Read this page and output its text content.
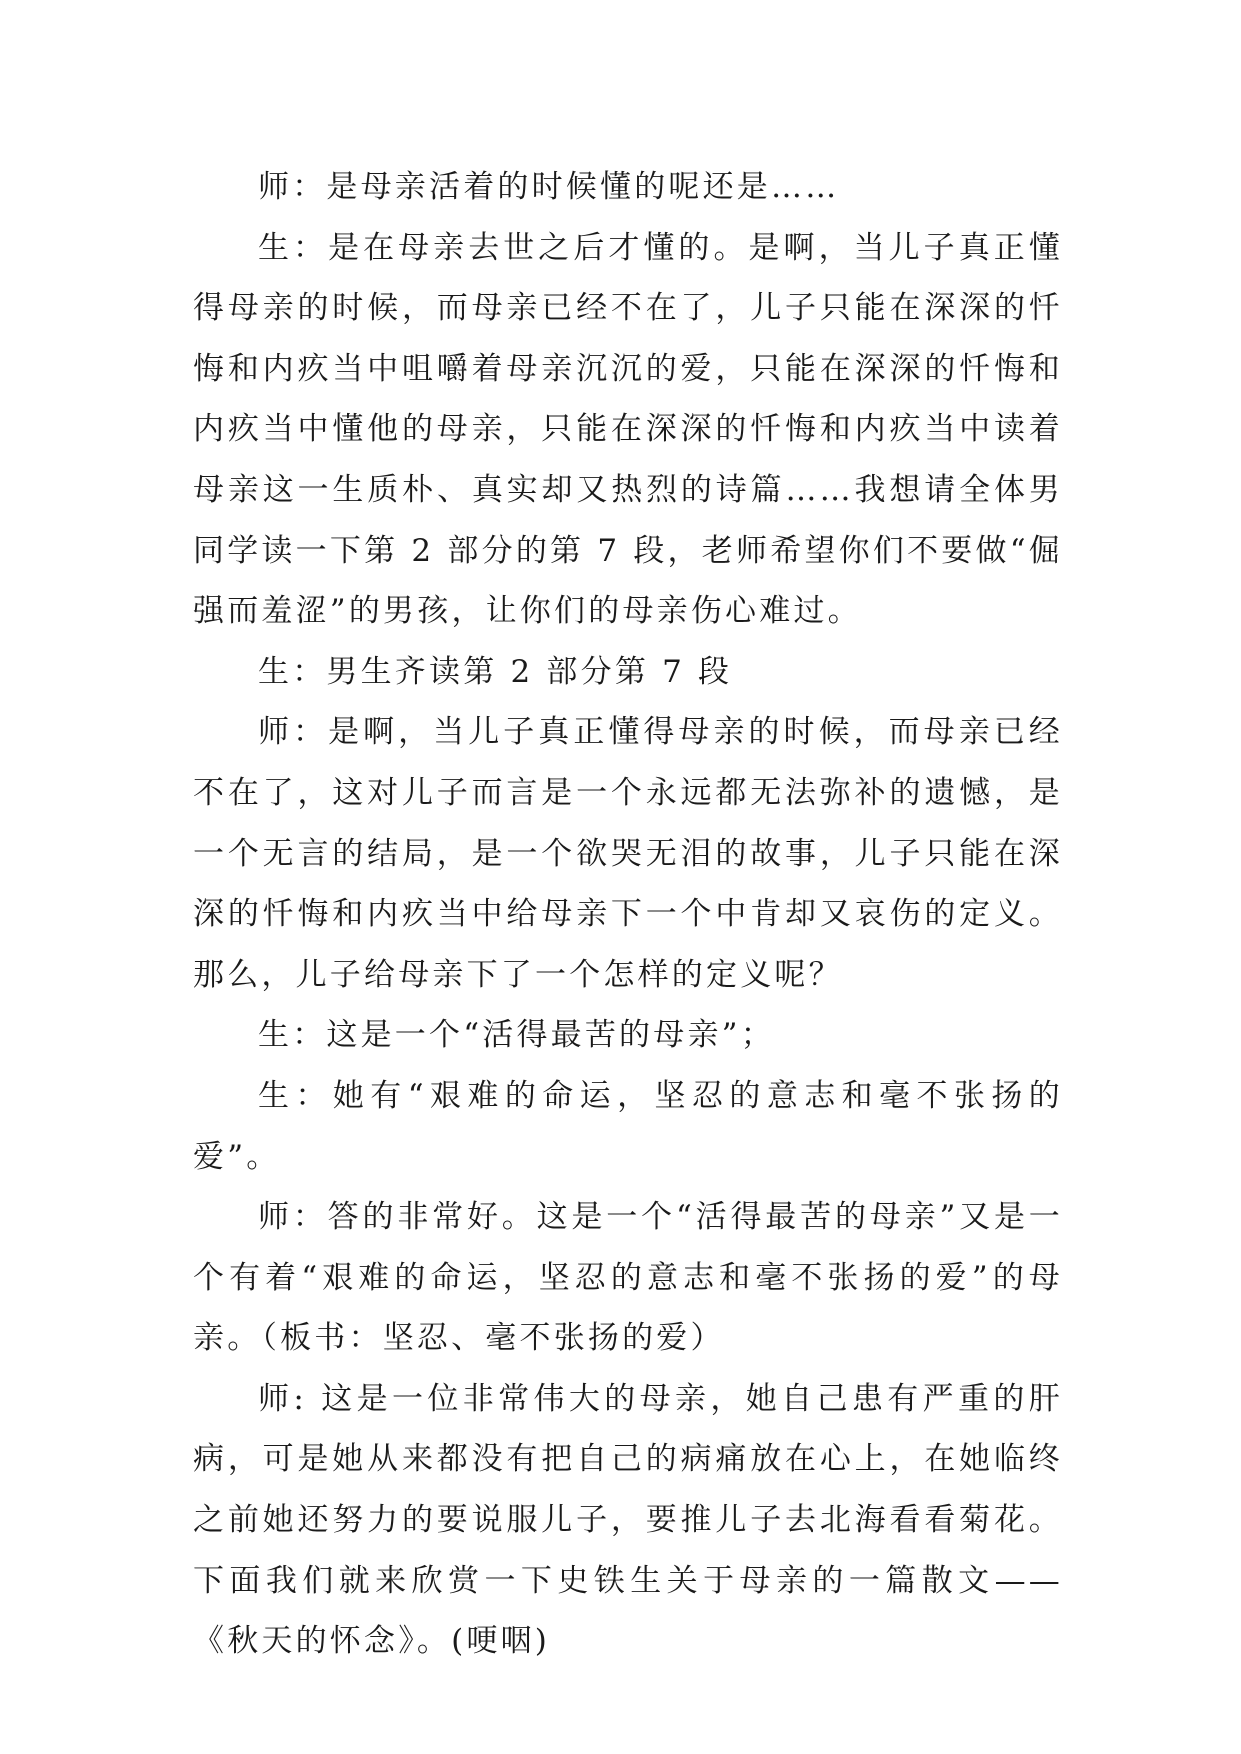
师：是母亲活着的时候懂的呢还是……

生：是在母亲去世之后才懂的。是啊，当儿子真正懂得母亲的时候，而母亲已经不在了，儿子只能在深深的忏悔和内疚当中咀嚼着母亲沉沉的爱，只能在深深的忏悔和内疚当中懂他的母亲，只能在深深的忏悔和内疚当中读着母亲这一生质朴、真实却又热烈的诗篇……我想请全体男同学读一下第 2 部分的第 7 段，老师希望你们不要做“倔强而羞涩”的男孩，让你们的母亲伤心难过。

生：男生齐读第 2 部分第 7 段

师：是啊，当儿子真正懂得母亲的时候，而母亲已经不在了，这对儿子而言是一个永远都无法弥补的遗憾，是一个无言的结局，是一个欲哭无泪的故事，儿子只能在深深的忏悔和内疚当中给母亲下一个中肯却又哀伤的定义。那么，儿子给母亲下了一个怎样的定义呢？

生：这是一个“活得最苦的母亲”；

生：她有“艰难的命运，坚忍的意志和毫不张扬的爱”。

师：答的非常好。这是一个“活得最苦的母亲”又是一个有着“艰难的命运，坚忍的意志和毫不张扬的爱”的母亲。（板书：坚忍、毫不张扬的爱）

师: 这是一位非常伟大的母亲，她自己患有严重的肝病，可是她从来都没有把自己的病痛放在心上，在她临终之前她还努力的要说服儿子，要推儿子去北海看看菊花。下面我们就来欣赏一下史铁生关于母亲的一篇散文——《秋天的怀念》。(哽咽)
